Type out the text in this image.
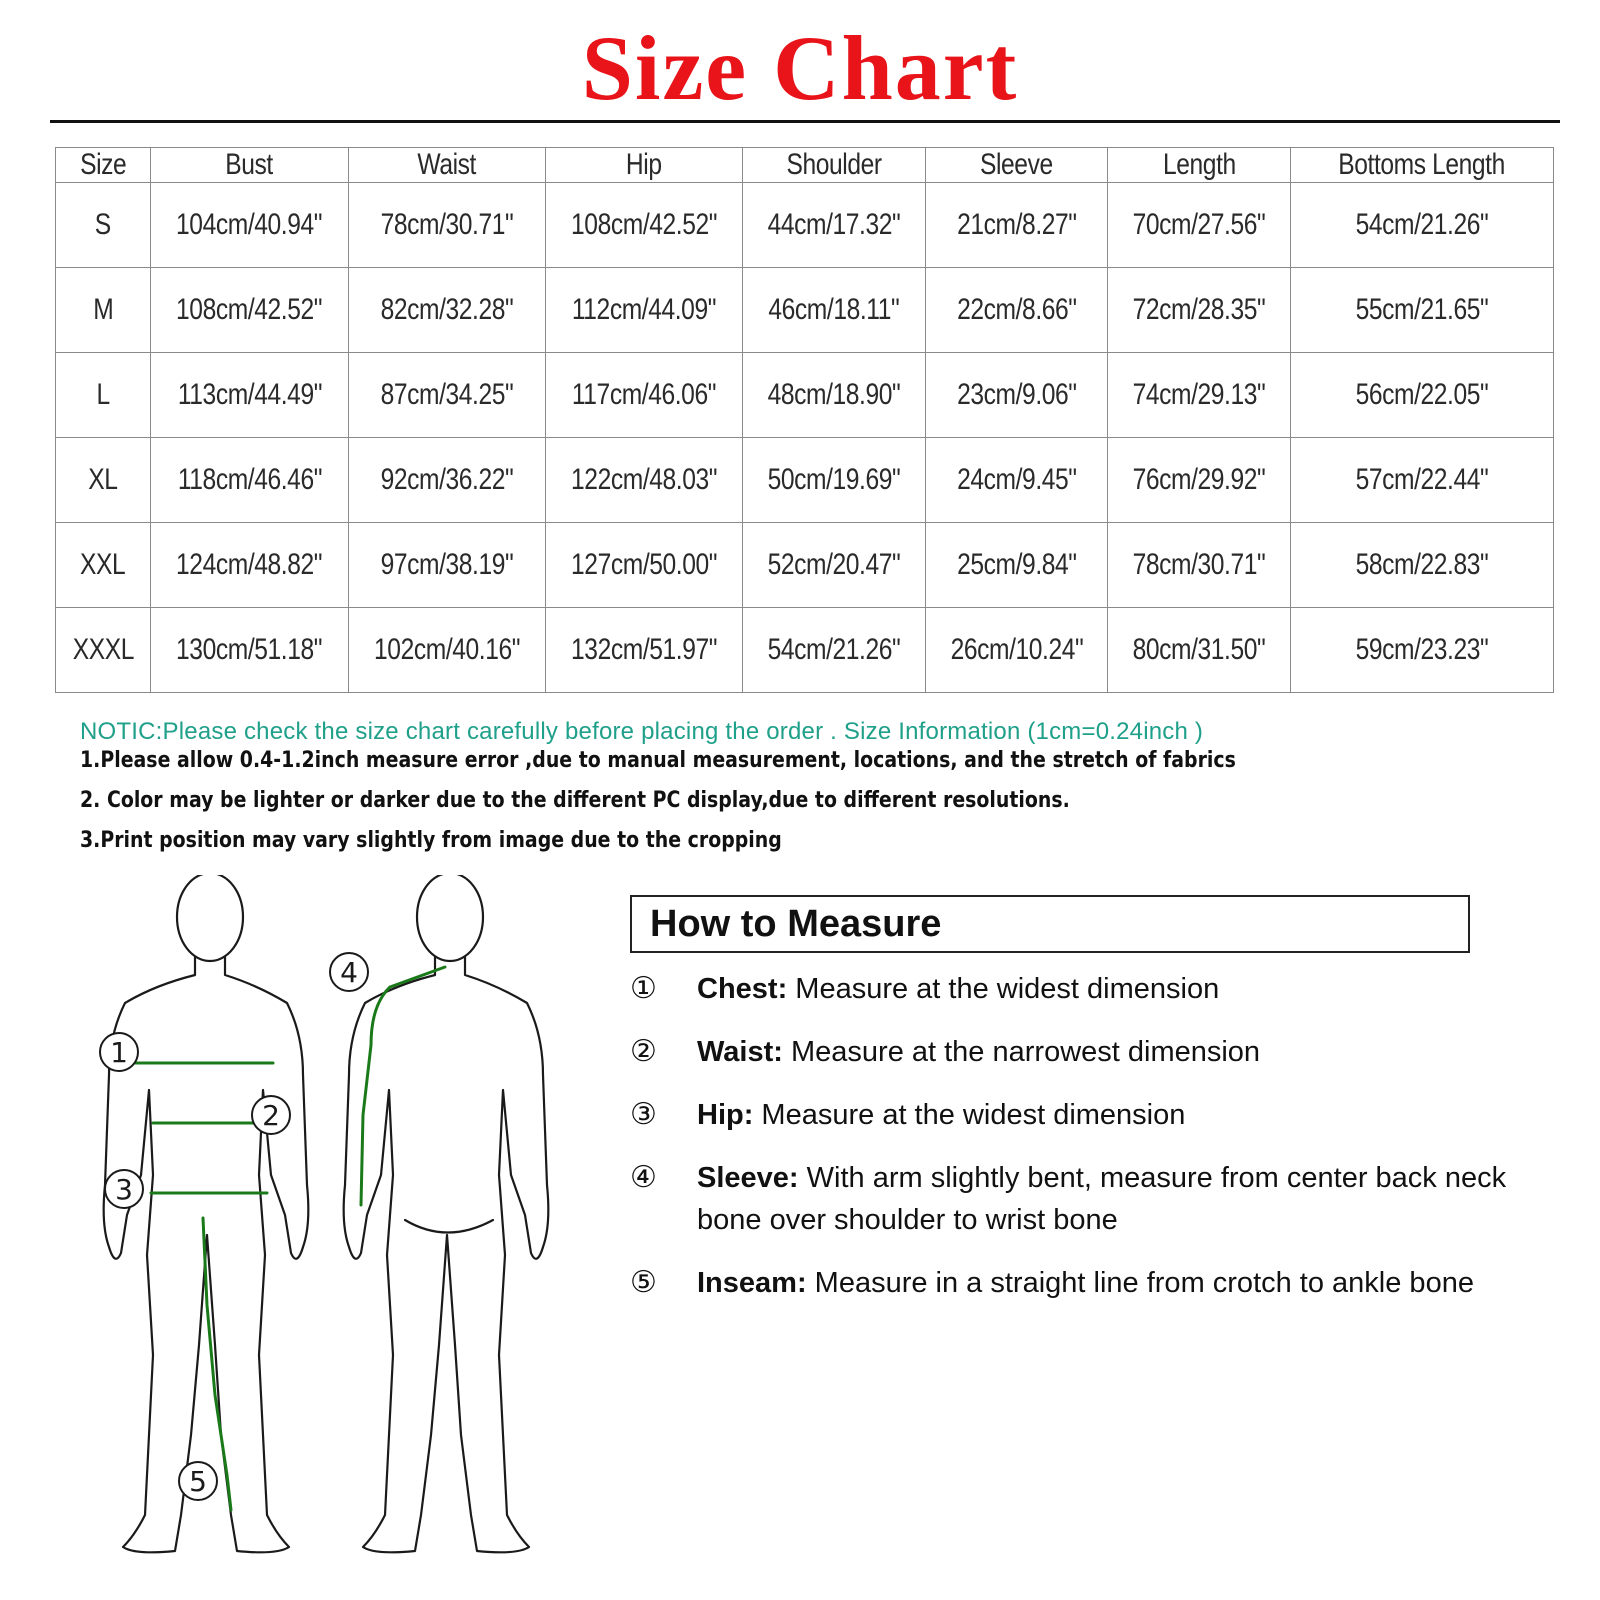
Size Chart
Size	Bust	Waist	Hip	Shoulder	Sleeve	Length	Bottoms Length
S	104cm/40.94"	78cm/30.71"	108cm/42.52"	44cm/17.32"	21cm/8.27"	70cm/27.56"	54cm/21.26"
M	108cm/42.52"	82cm/32.28"	112cm/44.09"	46cm/18.11"	22cm/8.66"	72cm/28.35"	55cm/21.65"
L	113cm/44.49"	87cm/34.25"	117cm/46.06"	48cm/18.90"	23cm/9.06"	74cm/29.13"	56cm/22.05"
XL	118cm/46.46"	92cm/36.22"	122cm/48.03"	50cm/19.69"	24cm/9.45"	76cm/29.92"	57cm/22.44"
XXL	124cm/48.82"	97cm/38.19"	127cm/50.00"	52cm/20.47"	25cm/9.84"	78cm/30.71"	58cm/22.83"
XXXL	130cm/51.18"	102cm/40.16"	132cm/51.97"	54cm/21.26"	26cm/10.24"	80cm/31.50"	59cm/23.23"
NOTIC:Please check the size chart carefully before placing the order . Size Information (1cm=0.24inch )
1.Please allow 0.4-1.2inch measure error ,due to manual measurement, locations, and the stretch of fabrics
2. Color may be lighter or darker due to the different PC display,due to different resolutions.
3.Print position may vary slightly from image due to the cropping
1
2
3
4
5
How to Measure
① Chest: Measure at the widest dimension
② Waist: Measure at the narrowest dimension
③ Hip: Measure at the widest dimension
④ Sleeve: With arm slightly bent, measure from center back neck bone over shoulder to wrist bone
⑤ Inseam: Measure in a straight line from crotch to ankle bone
